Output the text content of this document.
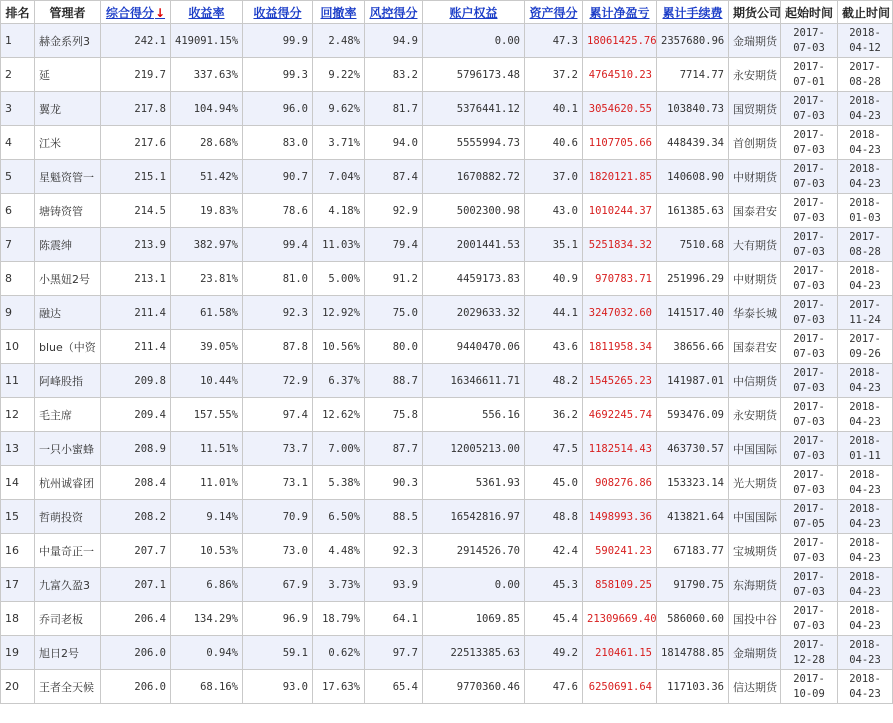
排名	管理者	综合得分↓	收益率	收益得分	回撤率	风控得分	账户权益	资产得分	累计净盈亏	累计手续费	期货公司	起始时间	截止时间
1	赫金系列3	242.1	419091.15%	99.9	2.48%	94.9	0.00	47.3	18061425.76	2357680.96	金瑞期货	2017-07-03	2018-04-12
2	延	219.7	337.63%	99.3	9.22%	83.2	5796173.48	37.2	4764510.23	7714.77	永安期货	2017-07-01	2017-08-28
3	翼龙	217.8	104.94%	96.0	9.62%	81.7	5376441.12	40.1	3054620.55	103840.73	国贸期货	2017-07-03	2018-04-23
4	江米	217.6	28.68%	83.0	3.71%	94.0	5555994.73	40.6	1107705.66	448439.34	首创期货	2017-07-03	2018-04-23
5	星魁资管一	215.1	51.42%	90.7	7.04%	87.4	1670882.72	37.0	1820121.85	140608.90	中财期货	2017-07-03	2018-04-23
6	塘铸资管	214.5	19.83%	78.6	4.18%	92.9	5002300.98	43.0	1010244.37	161385.63	国泰君安	2017-07-03	2018-01-03
7	陈震绅	213.9	382.97%	99.4	11.03%	79.4	2001441.53	35.1	5251834.32	7510.68	大有期货	2017-07-03	2017-08-28
8	小黑妞2号	213.1	23.81%	81.0	5.00%	91.2	4459173.83	40.9	970783.71	251996.29	中财期货	2017-07-03	2018-04-23
9	融达	211.4	61.58%	92.3	12.92%	75.0	2029633.32	44.1	3247032.60	141517.40	华泰长城	2017-07-03	2017-11-24
10	blue（中资	211.4	39.05%	87.8	10.56%	80.0	9440470.06	43.6	1811958.34	38656.66	国泰君安	2017-07-03	2017-09-26
11	阿峰股指	209.8	10.44%	72.9	6.37%	88.7	16346611.71	48.2	1545265.23	141987.01	中信期货	2017-07-03	2018-04-23
12	毛主席	209.4	157.55%	97.4	12.62%	75.8	556.16	36.2	4692245.74	593476.09	永安期货	2017-07-03	2018-04-23
13	一只小蜜蜂	208.9	11.51%	73.7	7.00%	87.7	12005213.00	47.5	1182514.43	463730.57	中国国际	2017-07-03	2018-01-11
14	杭州诚睿团	208.4	11.01%	73.1	5.38%	90.3	5361.93	45.0	908276.86	153323.14	光大期货	2017-07-03	2018-04-23
15	哲萌投资	208.2	9.14%	70.9	6.50%	88.5	16542816.97	48.8	1498993.36	413821.64	中国国际	2017-07-05	2018-04-23
16	中量奇正一	207.7	10.53%	73.0	4.48%	92.3	2914526.70	42.4	590241.23	67183.77	宝城期货	2017-07-03	2018-04-23
17	九富久盈3	207.1	6.86%	67.9	3.73%	93.9	0.00	45.3	858109.25	91790.75	东海期货	2017-07-03	2018-04-23
18	乔司老板	206.4	134.29%	96.9	18.79%	64.1	1069.85	45.4	21309669.40	586060.60	国投中谷	2017-07-03	2018-04-23
19	旭日2号	206.0	0.94%	59.1	0.62%	97.7	22513385.63	49.2	210461.15	1814788.85	金瑞期货	2017-12-28	2018-04-23
20	王者全天候	206.0	68.16%	93.0	17.63%	65.4	9770360.46	47.6	6250691.64	117103.36	信达期货	2017-10-09	2018-04-23
